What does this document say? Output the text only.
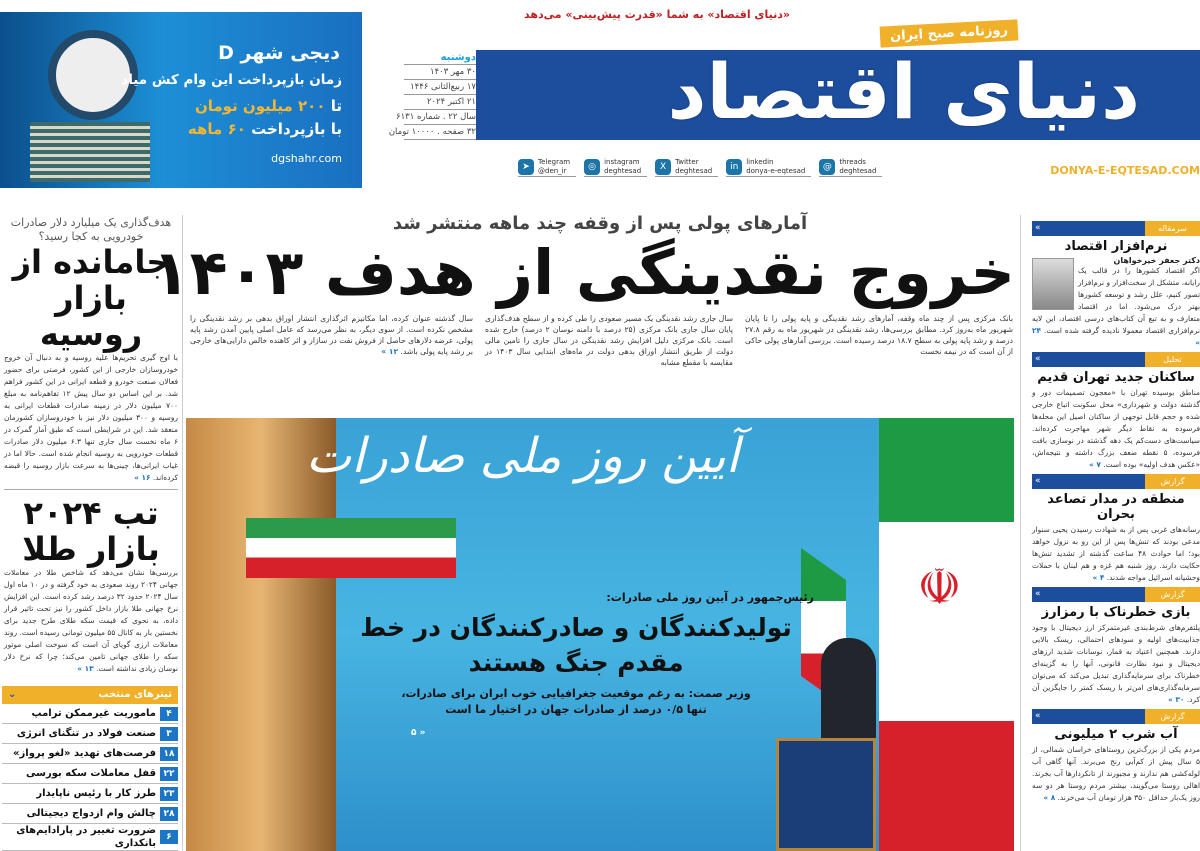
دیجی شهر D
زمان بازپرداخت این وام کش میاد
تا ۲۰۰ میلیون تومان
با بازپرداخت ۶۰ ماهه
dgshahr.com
«دنیای اقتصاد» به شما «قدرت پیش‌بینی» می‌دهد
دنیای اقتصاد
روزنامه صبح ایران
دوشنبه
۳۰ مهر ۱۴۰۳
۱۷ ربیع‌الثانی ۱۴۴۶
۲۱ اکتبر ۲۰۲۴
سال ۲۲ . شماره ۶۱۳۱
۳۲ صفحه . ۱۰۰۰۰ تومان
➤	Telegram
@den_ir	◎	instagram
deghtesad	X	Twitter
deghtesad	in	linkedin
donya-e-eqtesad	@	threads
deghtesad	DONYA-E-EQTESAD.COM
آمارهای پولی پس از وقفه چند ماهه منتشر شد
خروج نقدینگی از هدف ۱۴۰۳
بانک مرکزی پس از چند ماه وقفه، آمارهای رشد نقدینگی و پایه پولی را تا پایان شهریور ماه به‌روز کرد. مطابق بررسی‌ها، رشد نقدینگی در شهریور ماه به رقم ۲۷.۸ درصد و رشد پایه پولی به سطح ۱۸.۷ درصد رسیده است. بررسی آمارهای پولی حاکی از آن است که در نیمه نخست
سال جاری رشد نقدینگی یک مسیر صعودی را طی کرده و از سطح هدف‌گذاری پایان سال جاری بانک مرکزی (۲۵ درصد با دامنه نوسان ۲ درصد) خارج شده است. بانک مرکزی دلیل افزایش رشد نقدینگی در سال جاری را تامین مالی دولت از طریق انتشار اوراق بدهی دولت در ماه‌های ابتدایی سال ۱۴۰۳ در مقایسه با مقطع مشابه
سال گذشته عنوان کرده، اما مکانیزم اثرگذاری انتشار اوراق بدهی بر رشد نقدینگی را مشخص نکرده است. از سوی دیگر، به نظر می‌رسد که عامل اصلی پایین آمدن رشد پایه پولی، عرضه دلارهای حاصل از فروش نفت در سازار و اثر کاهنده خالص دارایی‌های خارجی بر رشد پایه پولی باشد. ۱۲ »
آیین روز ملی صادرات
☫
رئیس‌جمهور در آیین روز ملی صادرات:
تولیدکنندگان و صادرکنندگان در خط مقدم جنگ هستند
وزیر صمت: به رغم موقعیت جغرافیایی خوب ایران برای صادرات،
تنها ۰/۵ درصد از صادرات جهان در اختیار ما است
۵ »
هدف‌گذاری یک میلیارد دلار صادرات خودرویی به کجا رسید؟
جامانده از بازار روسیه
با اوج گیری تحریم‌ها علیه روسیه و به دنبال آن خروج خودروسازان خارجی از این کشور، فرصتی برای حضور فعالان صنعت خودرو و قطعه ایرانی در این کشور فراهم شد. بر این اساس دو سال پیش ۱۲ تفاهم‌نامه به مبلغ ۷۰۰ میلیون دلار در زمینه صادرات قطعات ایرانی به روسیه و ۳۰۰ میلیون دلار نیز با خودروسازان کشورمان منعقد شد. این در شرایطی است که طبق آمار گمرک در ۶ ماه نخست سال جاری تنها ۶.۳ میلیون دلار صادرات قطعات خودرویی به روسیه انجام شده است. حالا اما در غیاب ایرانی‌ها، چینی‌ها به سرعت بازار روسیه را قبضه کرده‌اند. ۱۶ »
تب ۲۰۲۴ بازار طلا
بررسی‌ها نشان می‌دهد که شاخص طلا در معاملات جهانی ۲۰۲۴ روند صعودی به خود گرفته و در ۱۰ ماه اول سال ۲۰۲۴ حدود ۳۲ درصد رشد کرده است. این افزایش نرخ جهانی طلا بازار داخل کشور را نیز تحت تاثیر قرار داده، به نحوی که قیمت سکه طلای طرح جدید برای نخستین بار به کانال ۵۵ میلیون تومانی رسیده است. روند معاملات ارزی گویای آن است که سوخت اصلی موتور سکه را طلای جهانی تامین می‌کند؛ چرا که نرخ دلار نوسان زیادی نداشته است. ۱۳ »
تیترهای منتخب
⌄
۴
ماموریت غیرممکن ترامپ
۳
صنعت فولاد در تنگنای انرژی
۱۸
فرصت‌های تهدید «لغو پرواز»
۲۲
قفل معاملات سکه بورسی
۲۳
طرز کار با رئیس ناپایدار
۲۸
چالش وام ازدواج دیجیتالی
۶
ضرورت تغییر در پارادایم‌های بانکداری
سرمقاله
«
نرم‌افزار اقتصاد
دکتر جعفر خیرخواهان
اگر اقتصاد کشورها را در قالب یک رایانه، متشکل از سخت‌افزار و نرم‌افزار تصور کنیم، علل رشد و توسعه کشورها بهتر درک می‌شود. اما در اقتصاد متعارف و به تبع آن کتاب‌های درسی اقتصاد، این لایه نرم‌افزاری اقتصاد معمولا نادیده گرفته شده است. ۲۴ »
تحلیل
«
ساکنان جدید تهران قدیم
مناطق بوسیده تهران با «معجون تصمیمات دور و گذشته دولت و شهرداری» محل سکونت اتباع خارجی شده و حجم قابل توجهی از ساکنان اصیل این محله‌ها فرسوده به نقاط دیگر شهر مهاجرت کرده‌اند. سیاست‌های دست‌کم یک دهه گذشته در نوسازی بافت فرسوده، ۵ نقطه ضعف بزرگ داشته و نتیجه‌اش، «عکس هدف اولیه» بوده است. ۷ »
گزارش
«
منطقه در مدار تصاعد بحران
رسانه‌های غربی پس از به شهادت رسیدن یحیی سنوار مدعی بودند که تنش‌ها پس از این رو به نزول خواهد بود؛ اما حوادث ۴۸ ساعت گذشته از تشدید تنش‌ها حکایت دارند. روز شنبه هم غزه و هم لبنان با حملات وحشیانه اسرائیل مواجه شدند. ۴ »
گزارش
«
بازی خطرناک با رمزارز
پلتفرم‌های شرط‌بندی غیرمتمرکز ارز دیجیتال با وجود جذابیت‌های اولیه و سودهای احتمالی، ریسک بالایی دارند. همچنین اعتیاد به قمار، نوسانات شدید ارزهای دیجیتال و نبود نظارت قانونی، آنها را به گزینه‌ای خطرناک برای سرمایه‌گذاری تبدیل می‌کند که می‌توان سرمایه‌گذاری‌های امن‌تر با ریسک کمتر را جایگزین آن کرد. ۳۰ »
گزارش
«
آب شرب ۲ میلیونی
مردم یکی از بزرگ‌ترین روستاهای خراسان شمالی، از ۵ سال پیش از کم‌آبی رنج می‌برند. آنها گاهی آب لوله‌کشی هم ندارند و مجبورند از تانکردارها آب بخرند. اهالی روستا می‌گویند، بیشتر مردم روستا هر دو سه روز یک‌بار حداقل ۳۵۰ هزار تومان آب می‌خرند. ۸ »
